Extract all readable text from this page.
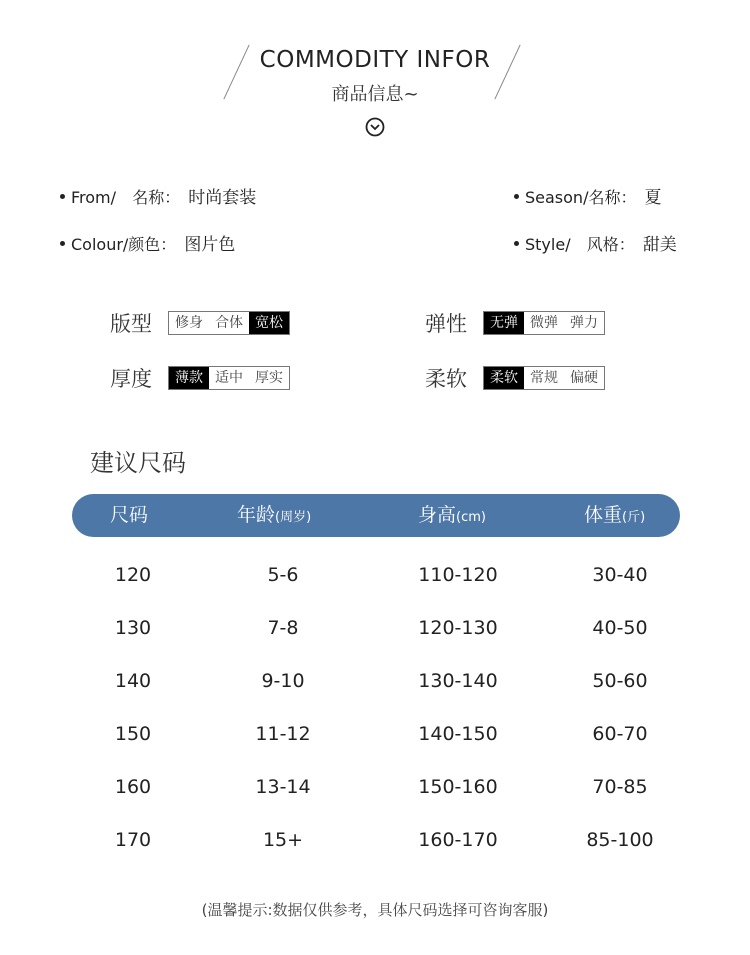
COMMODITY INFOR
商品信息~
From/ 名称： 时尚套装
Colour/颜色： 图片色
Season/名称： 夏
Style/ 风格： 甜美
版型	修身 合体 宽松	弹性	无弹 微弹 弹力
厚度	薄款 适中 厚实	柔软	柔软 常规 偏硬
建议尺码
尺码	年龄(周岁)	身高(cm)	体重(斤)
120	5-6	110-120	30-40
130	7-8	120-130	40-50
140	9-10	130-140	50-60
150	11-12	140-150	60-70
160	13-14	150-160	70-85
170	15+	160-170	85-100
(温馨提示:数据仅供参考，具体尺码选择可咨询客服)
